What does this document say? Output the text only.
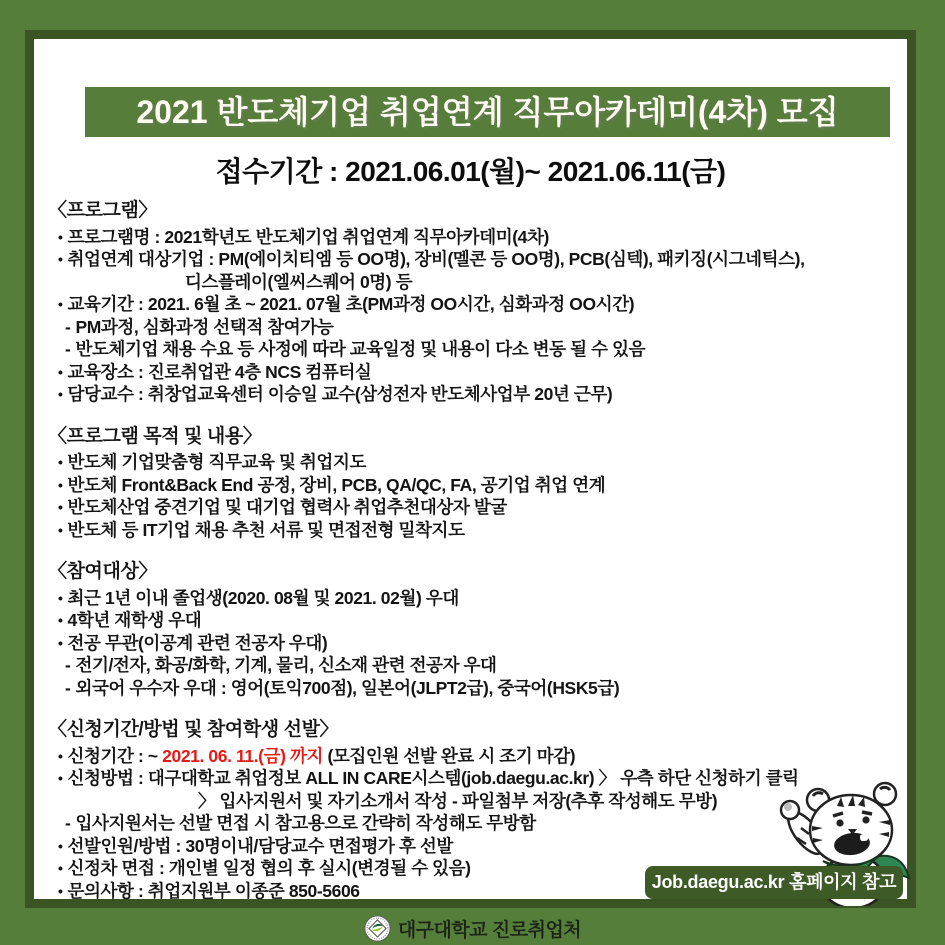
2021 반도체기업 취업연계 직무아카데미(4차) 모집
접수기간 : 2021.06.01(월)~ 2021.06.11(금)
〈프로그램〉
• 프로그램명 : 2021학년도 반도체기업 취업연계 직무아카데미(4차)
• 취업연계 대상기업 : PM(에이치티엠 등 OO명), 장비(멜콘 등 OO명), PCB(심텍), 패키징(시그네틱스),
디스플레이(엘씨스퀘어 0명) 등
• 교육기간 : 2021. 6월 초 ~ 2021. 07월 초(PM과정 OO시간, 심화과정 OO시간)
- PM과정, 심화과정 선택적 참여가능
- 반도체기업 채용 수요 등 사정에 따라 교육일정 및 내용이 다소 변동 될 수 있음
• 교육장소 : 진로취업관 4층 NCS 컴퓨터실
• 담당교수 : 취창업교육센터 이승일 교수(삼성전자 반도체사업부 20년 근무)
〈프로그램 목적 및 내용〉
• 반도체 기업맞춤형 직무교육 및 취업지도
• 반도체 Front&Back End 공정, 장비, PCB, QA/QC, FA, 공기업 취업 연계
• 반도체산업 중견기업 및 대기업 협력사 취업추천대상자 발굴
• 반도체 등 IT기업 채용 추천 서류 및 면접전형 밀착지도
〈참여대상〉
• 최근 1년 이내 졸업생(2020. 08월 및 2021. 02월) 우대
• 4학년 재학생 우대
• 전공 무관(이공계 관련 전공자 우대)
- 전기/전자, 화공/화학, 기계, 물리, 신소재 관련 전공자 우대
- 외국어 우수자 우대 : 영어(토익700점), 일본어(JLPT2급), 중국어(HSK5급)
〈신청기간/방법 및 참여학생 선발〉
• 신청기간 : ~ 2021. 06. 11.(금) 까지 (모집인원 선발 완료 시 조기 마감)
• 신청방법 : 대구대학교 취업정보 ALL IN CARE시스템(job.daegu.ac.kr) 〉 우측 하단 신청하기 클릭
〉 입사지원서 및 자기소개서 작성 - 파일첨부 저장(추후 작성해도 무방)
- 입사지원서는 선발 면접 시 참고용으로 간략히 작성해도 무방함
• 선발인원/방법 : 30명이내/담당교수 면접평가 후 선발
• 신정차 면접 : 개인별 일정 협의 후 실시(변경될 수 있음)
• 문의사항 : 취업지원부 이종준 850-5606	Job.daegu.ac.kr 홈페이지 참고
대구대학교 진로취업처
